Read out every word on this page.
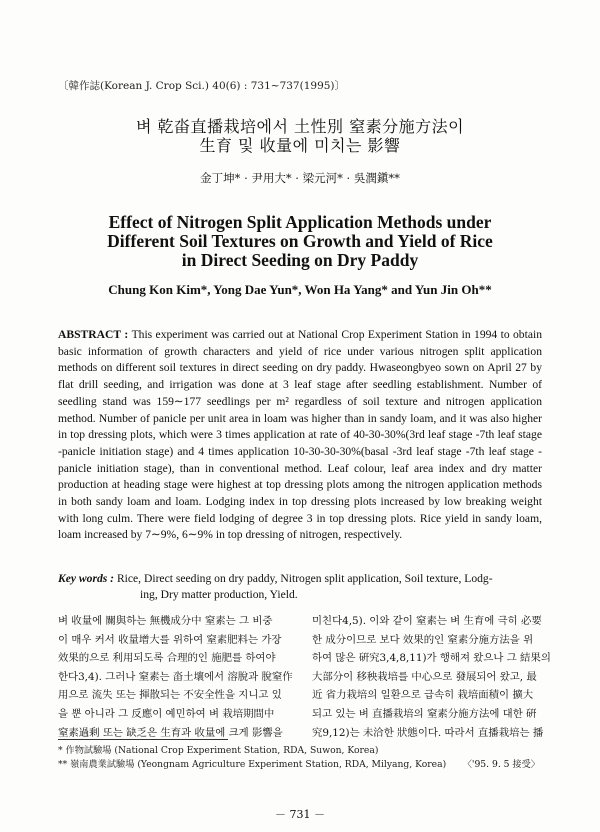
〔韓作誌(Korean J. Crop Sci.) 40(6) : 731∼737(1995)〕
벼 乾畓直播栽培에서 土性別 窒素分施方法이
生育 및 收量에 미치는 影響
金丁坤* · 尹用大* · 梁元河* · 吳潤鎭**
Effect of Nitrogen Split Application Methods under
Different Soil Textures on Growth and Yield of Rice
in Direct Seeding on Dry Paddy
Chung Kon Kim*, Yong Dae Yun*, Won Ha Yang* and Yun Jin Oh**
ABSTRACT : This experiment was carried out at National Crop Experiment Station in 1994 to obtain basic information of growth characters and yield of rice under various nitrogen split application methods on different soil textures in direct seeding on dry paddy. Hwaseongbyeo sown on April 27 by flat drill seeding, and irrigation was done at 3 leaf stage after seedling establishment. Number of seedling stand was 159∼177 seedlings per m² regardless of soil texture and nitrogen application method. Number of panicle per unit area in loam was higher than in sandy loam, and it was also higher in top dressing plots, which were 3 times application at rate of 40-30-30%(3rd leaf stage -7th leaf stage -panicle initiation stage) and 4 times application 10-30-30-30%(basal -3rd leaf stage -7th leaf stage -panicle initiation stage), than in conventional method. Leaf colour, leaf area index and dry matter production at heading stage were highest at top dressing plots among the nitrogen application methods in both sandy loam and loam. Lodging index in top dressing plots increased by low breaking weight with long culm. There were field lodging of degree 3 in top dressing plots. Rice yield in sandy loam, loam increased by 7∼9%, 6∼9% in top dressing of nitrogen, respectively.
Key words : Rice, Direct seeding on dry paddy, Nitrogen split application, Soil texture, Lodg-
ing, Dry matter production, Yield.

벼 收量에 關與하는 無機成分中 窒素는 그 비중

이 매우 커서 收量增大를 위하여 窒素肥料는 가장

效果的으로 利用되도록 合理的인 施肥를 하여야

한다3,4). 그러나 窒素는 畓土壤에서 溶脫과 脫窒作

用으로 流失 또는 揮散되는 不安全性을 지니고 있

을 뿐 아니라 그 反應이 예민하여 벼 栽培期間中

窒素過剩 또는 缺乏은 生育과 收量에 크게 影響을

미친다4,5). 이와 같이 窒素는 벼 生育에 극히 必要

한 成分이므로 보다 效果的인 窒素分施方法을 위

하여 많은 硏究3,4,8,11)가 행해져 왔으나 그 結果의

大部分이 移秧栽培를 中心으로 發展되어 왔고, 最

近 省力栽培의 일환으로 급속히 栽培面積이 擴大

되고 있는 벼 直播栽培의 窒素分施方法에 대한 硏

究9,12)는 未洽한 狀態이다. 따라서 直播栽培는 播

* 作物試驗場 (National Crop Experiment Station, RDA, Suwon, Korea)
** 嶺南農業試驗場 (Yeongnam Agriculture Experiment Station, RDA, Milyang, Korea) 〈'95. 9. 5 接受〉
－ 731 －
